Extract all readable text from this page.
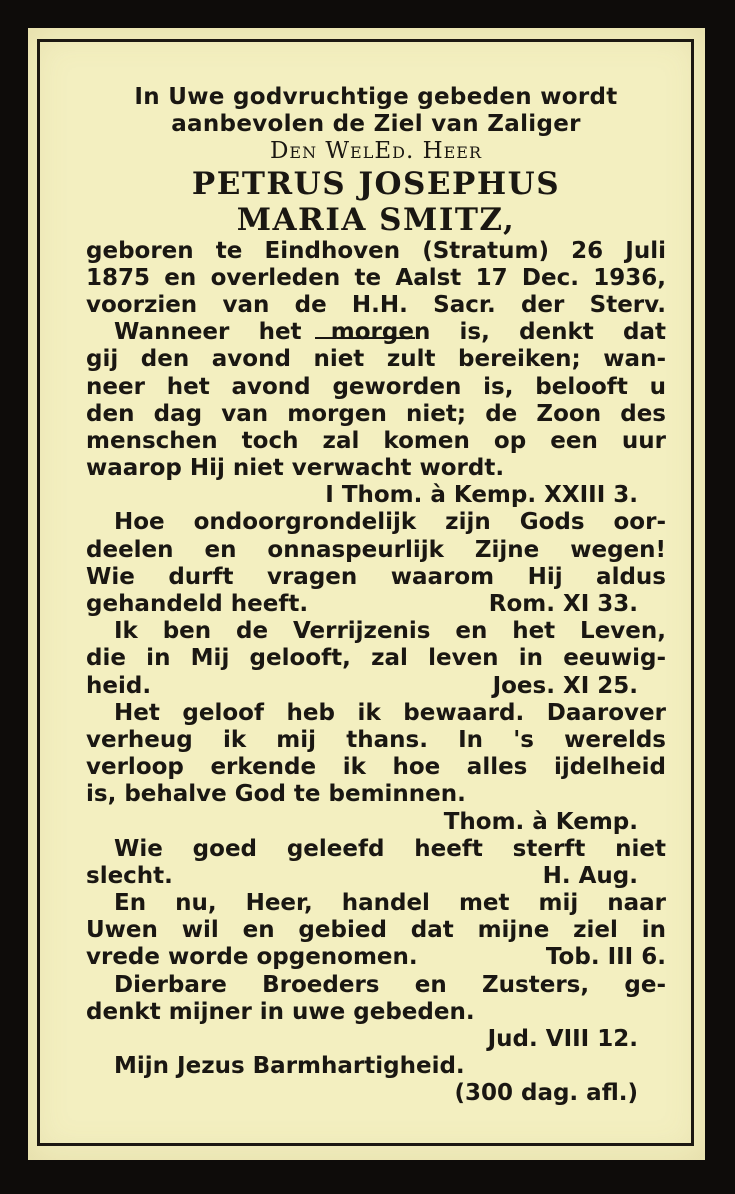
In Uwe godvruchtige gebeden wordt
aanbevolen de Ziel van Zaliger
Den WelEd. Heer
PETRUS JOSEPHUS
MARIA SMITZ,
geboren te Eindhoven (Stratum) 26 Juli
1875 en overleden te Aalst 17 Dec. 1936,
voorzien van de H.H. Sacr. der Sterv.
Wanneer het morgen is, denkt dat
gij den avond niet zult bereiken; wan-
neer het avond geworden is, belooft u
den dag van morgen niet; de Zoon des
menschen toch zal komen op een uur
waarop Hij niet verwacht wordt.
I Thom. à Kemp. XXIII 3.
Hoe ondoorgrondelijk zijn Gods oor-
deelen en onnaspeurlijk Zijne wegen!
Wie durft vragen waarom Hij aldus
gehandeld heeft.	Rom. XI 33.
Ik ben de Verrijzenis en het Leven,
die in Mij gelooft, zal leven in eeuwig-
heid.	Joes. XI 25.
Het geloof heb ik bewaard. Daarover
verheug ik mij thans. In 's werelds
verloop erkende ik hoe alles ijdelheid
is, behalve God te beminnen.
Thom. à Kemp.
Wie goed geleefd heeft sterft niet
slecht.	H. Aug.
En nu, Heer, handel met mij naar
Uwen wil en gebied dat mijne ziel in
vrede worde opgenomen.	Tob. III 6.
Dierbare Broeders en Zusters, ge-
denkt mijner in uwe gebeden.
Jud. VIII 12.
Mijn Jezus Barmhartigheid.
(300 dag. afl.)
